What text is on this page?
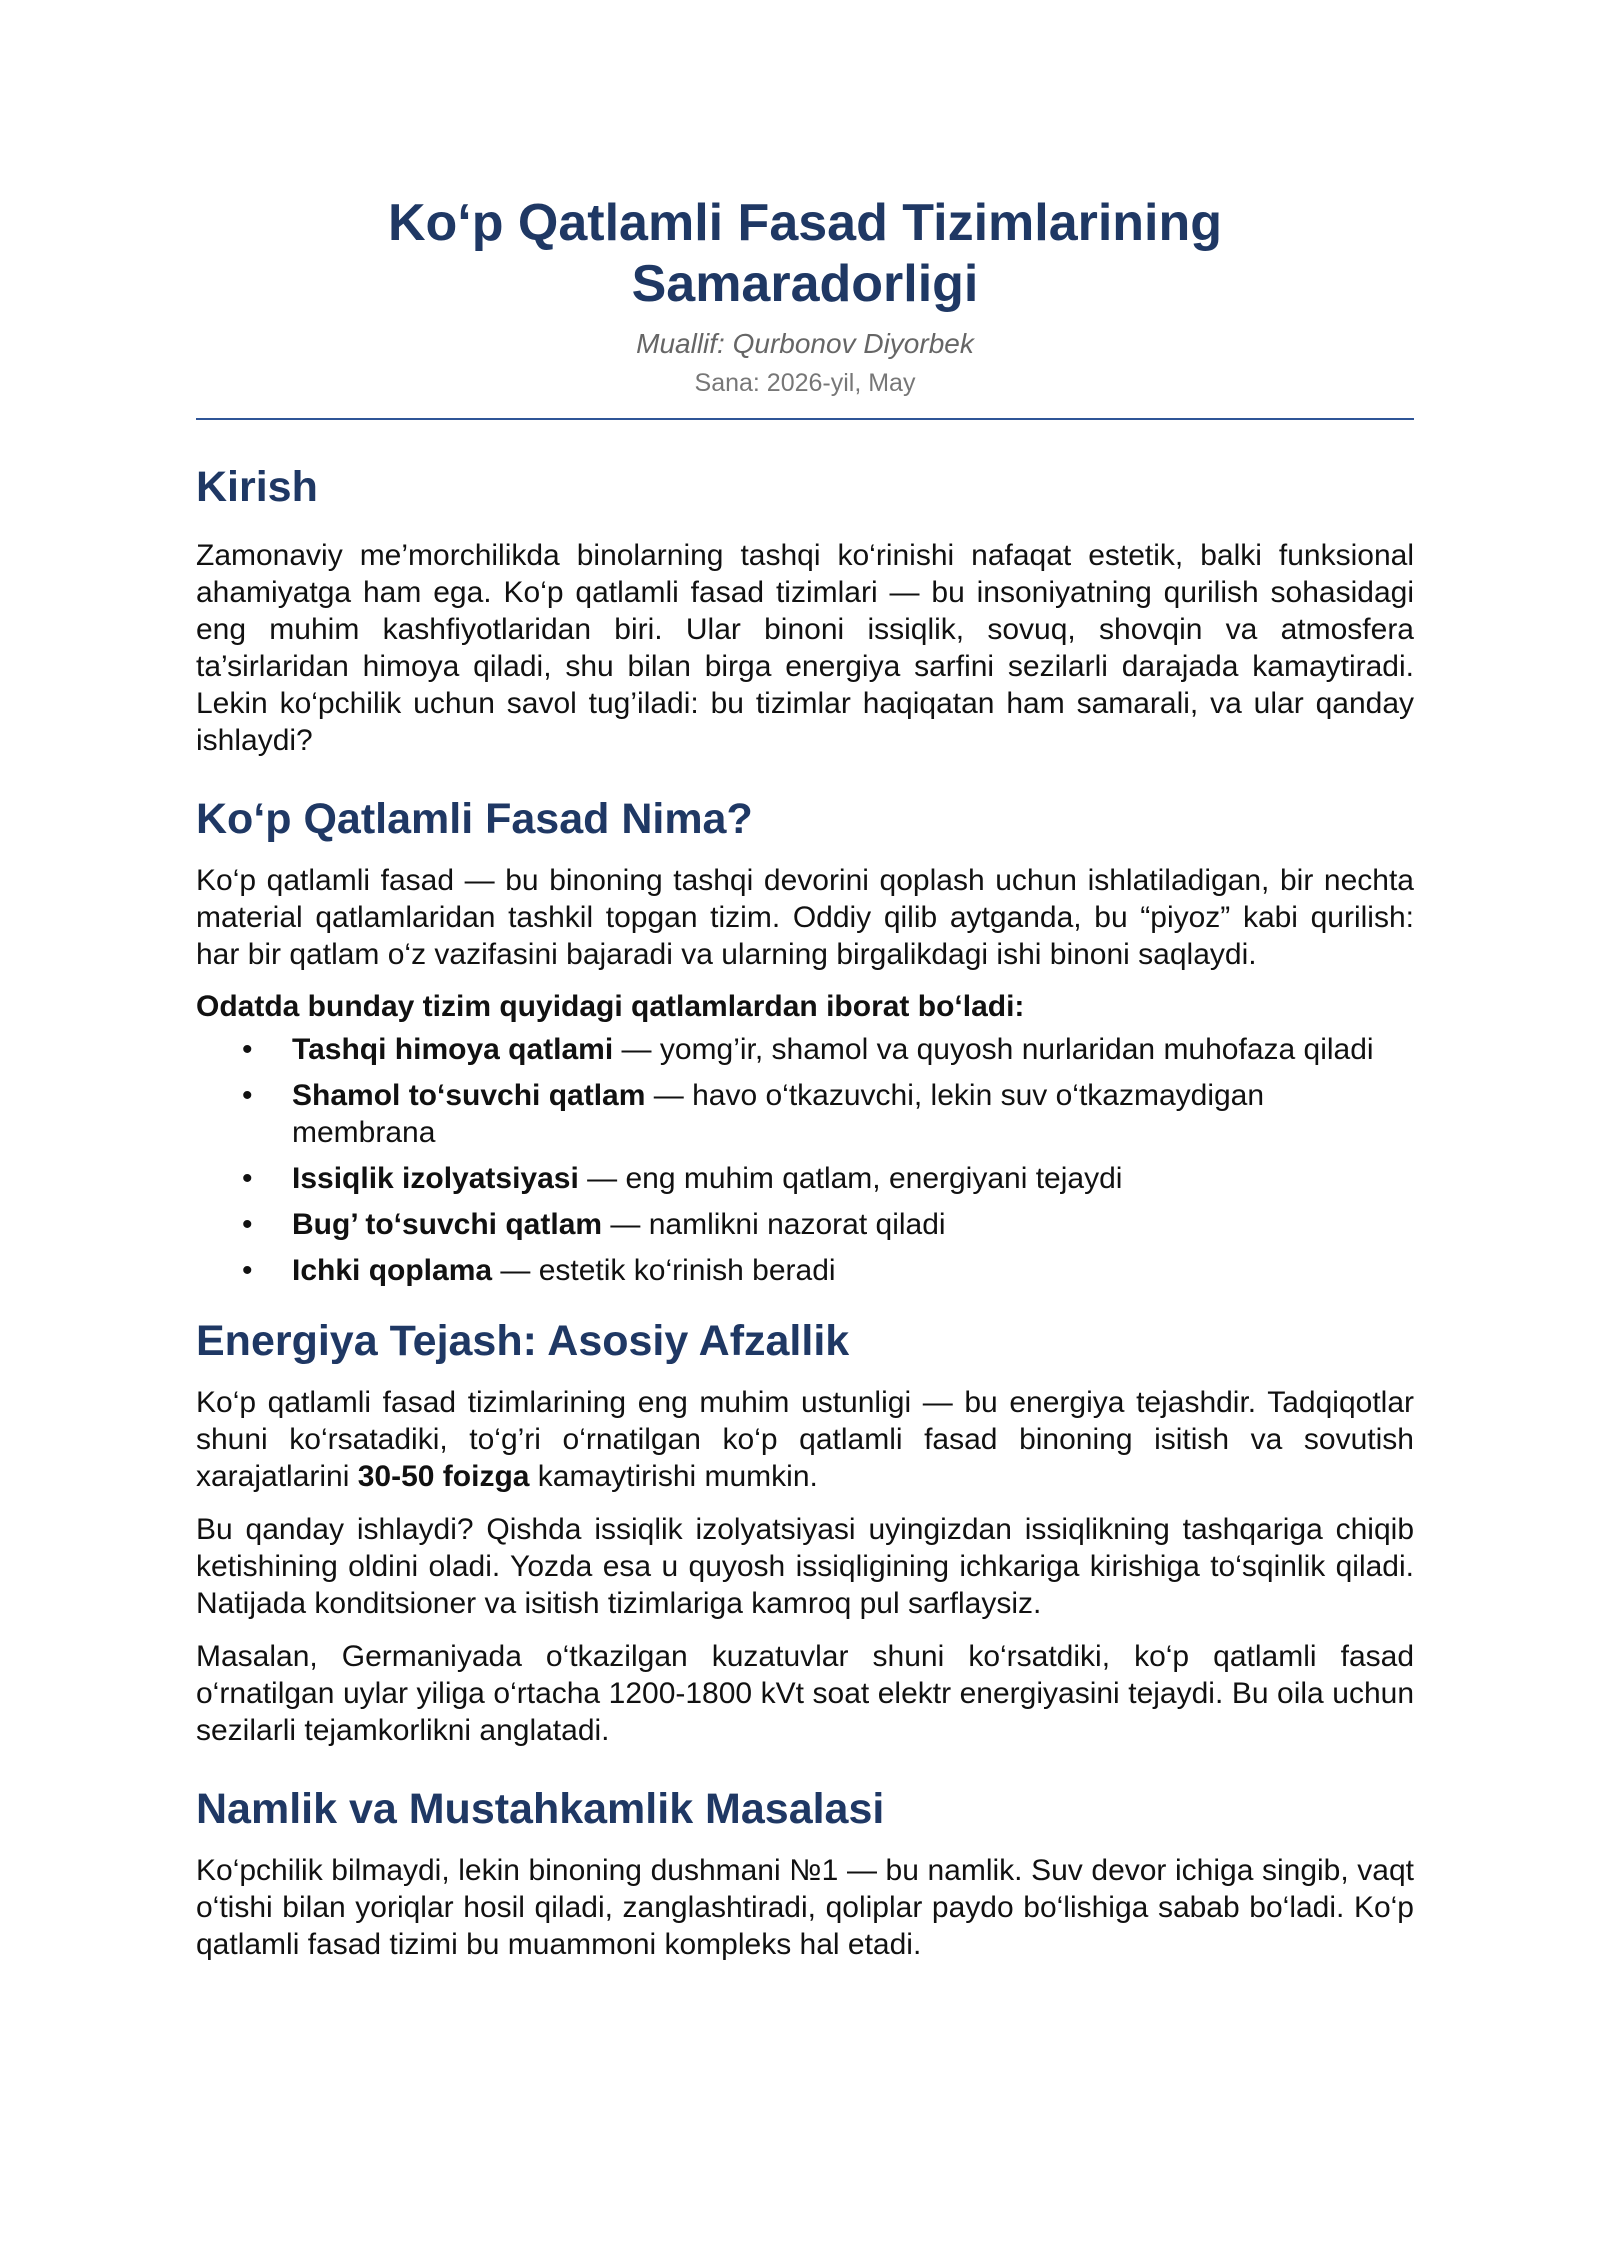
Ko‘p Qatlamli Fasad Tizimlarining
Samaradorligi
Muallif: Qurbonov Diyorbek
Sana: 2026-yil, May
Kirish

Zamonaviy me’morchilikda binolarning tashqi ko‘rinishi nafaqat estetik, balki funksional ahamiyatga ham ega. Ko‘p qatlamli fasad tizimlari — bu insoniyatning qurilish sohasidagi eng muhim kashfiyotlaridan biri. Ular binoni issiqlik, sovuq, shovqin va atmosfera ta’sirlaridan himoya qiladi, shu bilan birga energiya sarfini sezilarli darajada kamaytiradi. Lekin ko‘pchilik uchun savol tug’iladi: bu tizimlar haqiqatan ham samarali, va ular qanday ishlaydi?

Ko‘p Qatlamli Fasad Nima?

Ko‘p qatlamli fasad — bu binoning tashqi devorini qoplash uchun ishlatiladigan, bir nechta material qatlamlaridan tashkil topgan tizim. Oddiy qilib aytganda, bu “piyoz” kabi qurilish: har bir qatlam o‘z vazifasini bajaradi va ularning birgalikdagi ishi binoni saqlaydi.

Odatda bunday tizim quyidagi qatlamlardan iborat bo‘ladi:

• Tashqi himoya qatlami — yomg’ir, shamol va quyosh nurlaridan muhofaza qiladi
• Shamol to‘suvchi qatlam — havo o‘tkazuvchi, lekin suv o‘tkazmaydigan membrana
• Issiqlik izolyatsiyasi — eng muhim qatlam, energiyani tejaydi
• Bug’ to‘suvchi qatlam — namlikni nazorat qiladi
• Ichki qoplama — estetik ko‘rinish beradi
Energiya Tejash: Asosiy Afzallik

Ko‘p qatlamli fasad tizimlarining eng muhim ustunligi — bu energiya tejashdir. Tadqiqotlar shuni ko‘rsatadiki, to‘g’ri o‘rnatilgan ko‘p qatlamli fasad binoning isitish va sovutish xarajatlarini 30-50 foizga kamaytirishi mumkin.

Bu qanday ishlaydi? Qishda issiqlik izolyatsiyasi uyingizdan issiqlikning tashqariga chiqib ketishining oldini oladi. Yozda esa u quyosh issiqligining ichkariga kirishiga to‘sqinlik qiladi. Natijada konditsioner va isitish tizimlariga kamroq pul sarflaysiz.

Masalan, Germaniyada o‘tkazilgan kuzatuvlar shuni ko‘rsatdiki, ko‘p qatlamli fasad o‘rnatilgan uylar yiliga o‘rtacha 1200-1800 kVt soat elektr energiyasini tejaydi. Bu oila uchun sezilarli tejamkorlikni anglatadi.

Namlik va Mustahkamlik Masalasi

Ko‘pchilik bilmaydi, lekin binoning dushmani №1 — bu namlik. Suv devor ichiga singib, vaqt o‘tishi bilan yoriqlar hosil qiladi, zanglashtiradi, qoliplar paydo bo‘lishiga sabab bo‘ladi. Ko‘p qatlamli fasad tizimi bu muammoni kompleks hal etadi.
